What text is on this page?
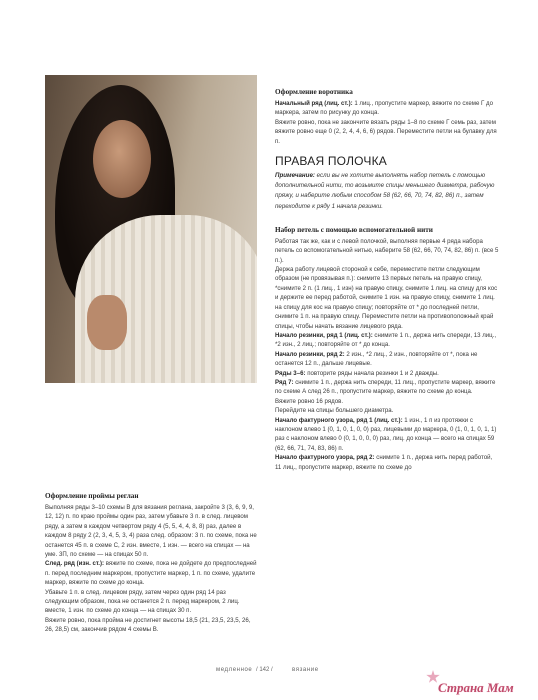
Оформление воротника

Начальный ряд (лиц. ст.): 1 лиц., пропустите маркер, вяжите по схеме Г до маркера, затем по рисунку до конца.

Вяжите ровно, пока не закончите вязать ряды 1–8 по схеме Г семь раз, затем вяжите ровно еще 0 (2, 2, 4, 4, 6, 6) рядов. Переместите петли на булавку для п.

ПРАВАЯ ПОЛОЧКА

Примечание: если вы не хотите выполнять набор петель с помощью дополнительной нити, то возьмите спицы меньшего диаметра, рабочую пряжу, и наберите любым способом 58 (62, 66, 70, 74, 82, 86) п., затем переходите к ряду 1 начала резинки.

Набор петель с помощью вспомогательной нити

Работая так же, как и с левой полочкой, выполняя первые 4 ряда набора петель со вспомогательной нитью, наберите 58 (62, 66, 70, 74, 82, 86) п. (все 5 п.).

Держа работу лицевой стороной к себе, переместите петли следующим образом (не провязывая п.): снимите 13 первых петель на правую спицу, *снимите 2 п. (1 лиц., 1 изн) на правую спицу, снимите 1 лиц. на спицу для кос и держите ее перед работой, снимите 1 изн. на правую спицу, снимите 1 лиц. на спицу для кос на правую спицу; повторяйте от * до последней петли, снимите 1 п. на правую спицу. Переместите петли на противоположный край спицы, чтобы начать вязание лицевого ряда.

Начало резинки, ряд 1 (лиц. ст.): снимите 1 п., держа нить спереди, 13 лиц., *2 изн., 2 лиц.; повторяйте от * до конца.

Начало резинки, ряд 2: 2 изн., *2 лиц., 2 изн., повторяйте от *, пока не останется 12 п., дальше лицевые.

Ряды 3–6: повторите ряды начала резинки 1 и 2 дважды.

Ряд 7: снимите 1 п., держа нить спереди, 11 лиц., пропустите маркер, вяжите по схеме А след 26 п., пропустите маркер, вяжите по схеме до конца.

Вяжите ровно 16 рядов.

Перейдите на спицы большего диаметра.

Начало фактурного узора, ряд 1 (лиц. ст.): 1 изн., 1 п из протяжки с наклоном влево 1 (0, 1, 0, 1, 0, 0) раз, лицевыми до маркера, 0 (1, 0, 1, 0, 1, 1) раз с наклоном влево 0 (0, 1, 0, 0, 0) раз, лиц. до конца — всего на спицах 59 (62, 66, 71, 74, 83, 86) п.

Начало фактурного узора, ряд 2: снимите 1 п., держа нить перед работой, 11 лиц., пропустите маркер, вяжите по схеме до

Оформление проймы реглан

Выполняя ряды 3–10 схемы В для вязания реглана, закройте 3 (3, 6, 9, 9, 12, 12) п. по краю проймы один раз, затем убавьте 3 п. в след. лицевом ряду, а затем в каждом четвертом ряду 4 (5, 5, 4, 4, 8, 8) раз, далее в каждом 8 ряду 2 (2, 3, 4, 5, 3, 4) раза след. образом: 3 п. по схеме, пока не останется 45 п. в схеме С, 2 изн. вместе, 1 изн. — всего на спицах — на уме. 3П, по схеме — на спицах 50 п.

След. ряд (изн. ст.): вяжите по схеме, пока не дойдете до предпоследней п. перед последним маркером, пропустите маркер, 1 п. по схеме, удалите маркер, вяжите по схеме до конца.

Убавьте 1 п. в след. лицевом ряду, затем через один ряд 14 раз следующим образом, пока не останется 2 п. перед маркером, 2 лиц. вместе, 1 изн. по схеме до конца — на спицах 30 п.

Вяжите ровно, пока пройма не достигнет высоты 18,5 (21, 23,5, 23,5, 26, 26, 28,5) см, закончив рядом 4 схемы В.

медленное / 142 /	вязание
Страна Мам
